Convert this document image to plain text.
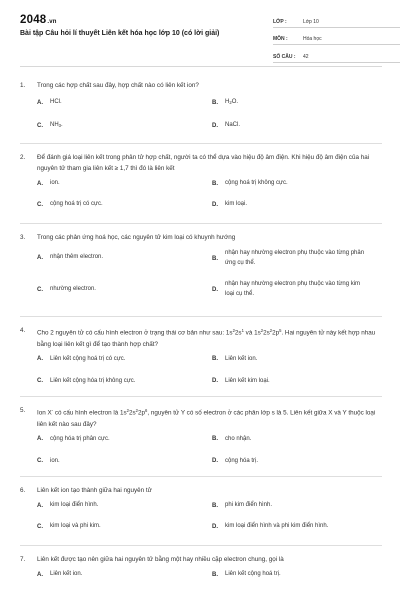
2048.vn
Bài tập Câu hỏi lí thuyết Liên kết hóa học lớp 10 (có lời giải)
LỚP :	Lớp 10
MÔN :	Hóa học
SỐ CÂU :	42
1.	Trong các hợp chất sau đây, hợp chất nào có liên kết ion?
A.	HCl.	B.	$H_2O$.
C.	$NH_3$.	D.	NaCl.
2.	Để đánh giá loại liên kết trong phân tử hợp chất, người ta có thể dựa vào hiệu độ âm điện. Khi hiệu độ âm điện của hai nguyên tử tham gia liên kết ≥ 1,7 thì đó là liên kết
A.	ion.	B.	cộng hoá trị không cực.
C.	cộng hoá trị có cực.	D.	kim loại.
3.	Trong các phản ứng hoá học, các nguyên tử kim loại có khuynh hướng
A.	nhận thêm electron.	B.
nhận hay nhường electron phụ thuộc vào từng phản ứng cụ thể.
C.	nhường electron.	D.
nhận hay nhường electron phụ thuộc vào từng kim loại cụ thể.
4.	Cho 2 nguyên tử có cấu hình electron ở trạng thái cơ bản như sau: $1s^22s^1$ và $1s^22s^22p^5$. Hai nguyên tử này kết hợp nhau bằng loại liên kết gì để tạo thành hợp chất?
A.	Liên kết cộng hoá trị có cực.	B.	Liên kết ion.
C.	Liên kết cộng hóa trị không cực.	D.	Liên kết kim loại.
5.	Ion X- có cấu hình electron là $1s^22s^22p^6$, nguyên tử Y có số electron ở các phân lớp s là 5. Liên kết giữa X và Y thuộc loại liên kết nào sau đây?
A.	cộng hóa trị phân cực.	B.	cho nhận.
C.	ion.	D.	cộng hóa trị.
6.	Liên kết ion tạo thành giữa hai nguyên tử
A.	kim loại điển hình.	B.	phi kim điển hình.
C.	kim loại và phi kim.	D.	kim loại điển hình và phi kim điển hình.
7.	Liên kết được tạo nên giữa hai nguyên tử bằng một hay nhiều cặp electron chung, gọi là
A.	Liên kết ion.	B.	Liên kết cộng hoá trị.
